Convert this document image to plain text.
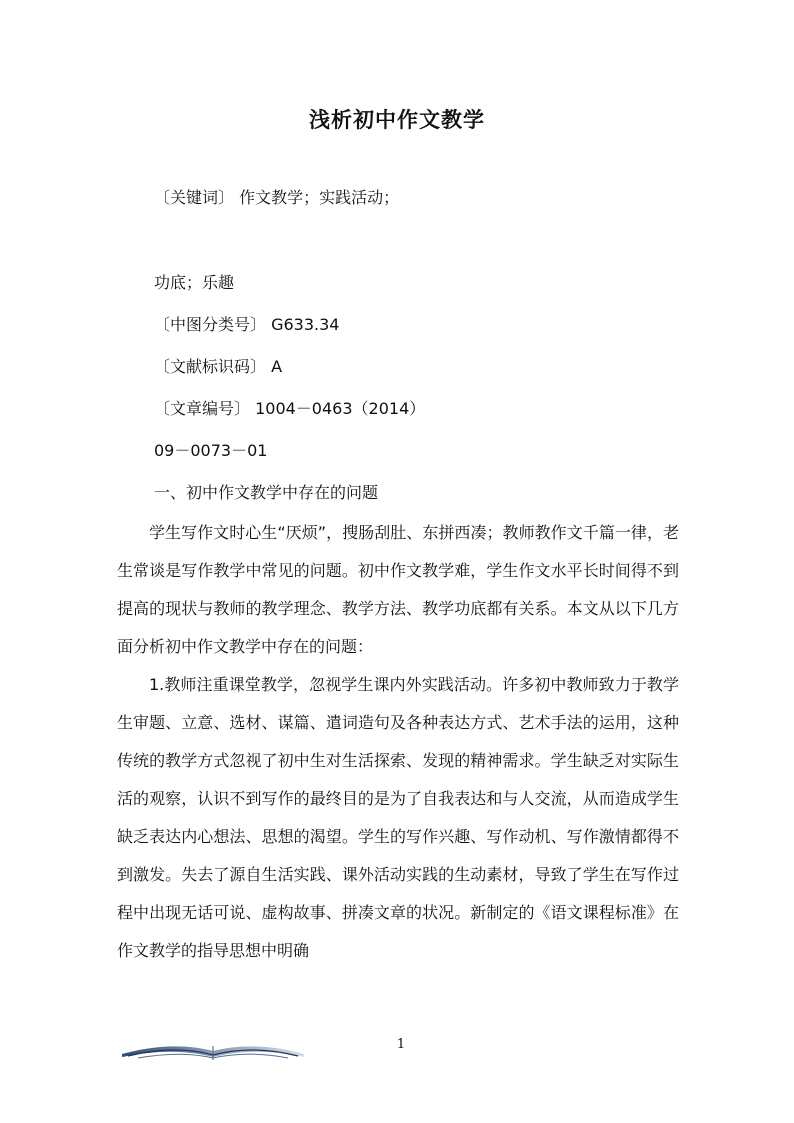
浅析初中作文教学
〔关键词〕 作文教学；实践活动；
功底；乐趣
〔中图分类号〕 G633.34
〔文献标识码〕 A
〔文章编号〕 1004－0463（2014）
09－0073－01
一、初中作文教学中存在的问题
学生写作文时心生“厌烦”，搜肠刮肚、东拼西凑；教师教作文千篇一律，老生常谈是写作教学中常见的问题。初中作文教学难，学生作文水平长时间得不到提高的现状与教师的教学理念、教学方法、教学功底都有关系。本文从以下几方面分析初中作文教学中存在的问题：
1.教师注重课堂教学，忽视学生课内外实践活动。许多初中教师致力于教学生审题、立意、选材、谋篇、遣词造句及各种表达方式、艺术手法的运用，这种传统的教学方式忽视了初中生对生活探索、发现的精神需求。学生缺乏对实际生活的观察，认识不到写作的最终目的是为了自我表达和与人交流，从而造成学生缺乏表达内心想法、思想的渴望。学生的写作兴趣、写作动机、写作激情都得不到激发。失去了源自生活实践、课外活动实践的生动素材，导致了学生在写作过程中出现无话可说、虚构故事、拼凑文章的状况。新制定的《语文课程标准》在作文教学的指导思想中明确
1
